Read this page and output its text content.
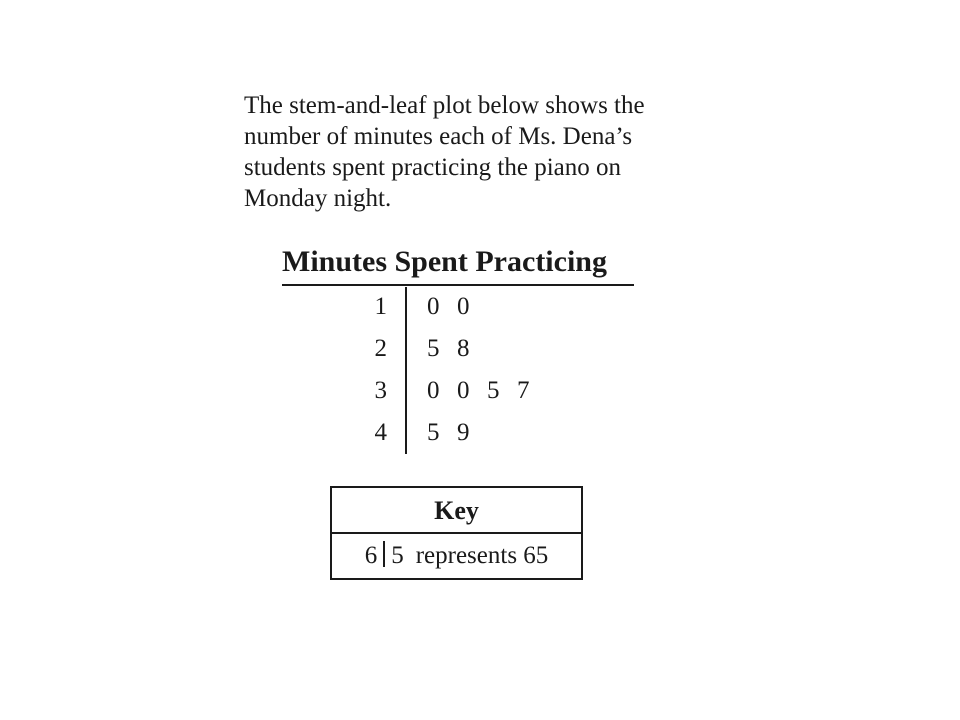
The stem-and-leaf plot below shows the
number of minutes each of Ms. Dena’s
students spent practicing the piano on
Monday night.
Minutes Spent Practicing
1 0 0
2 5 8
3 0 0 5 7
4 5 9
Key
6 5 represents 65
